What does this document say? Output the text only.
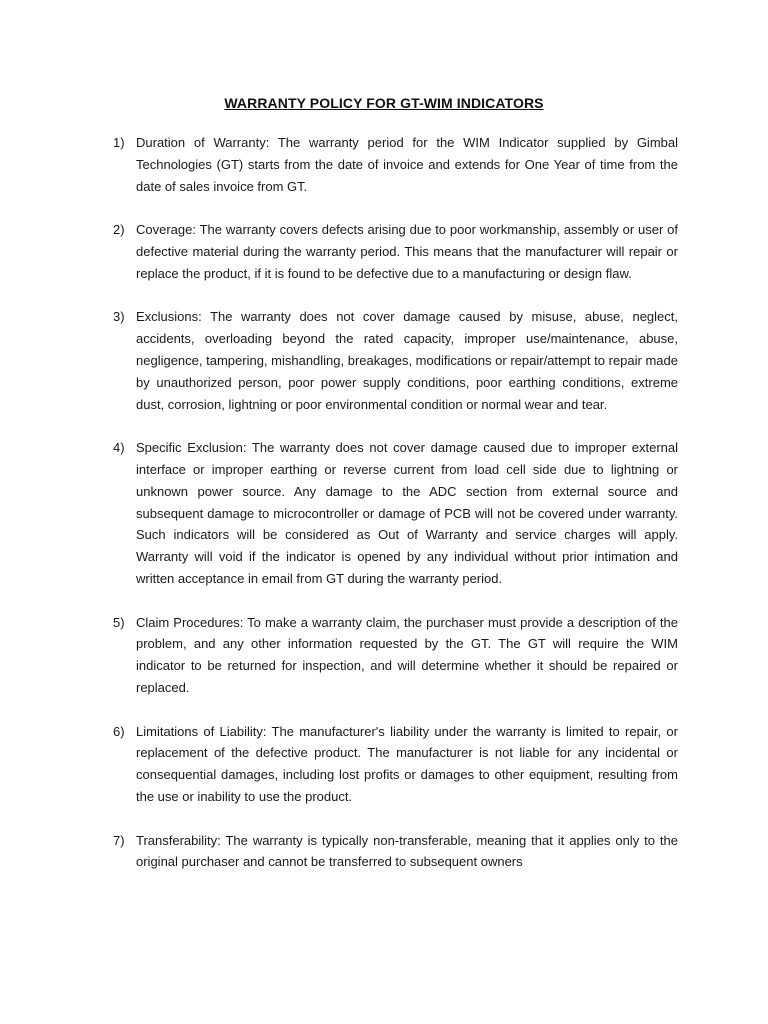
WARRANTY POLICY FOR GT-WIM INDICATORS
1) Duration of Warranty: The warranty period for the WIM Indicator supplied by Gimbal Technologies (GT) starts from the date of invoice and extends for One Year of time from the date of sales invoice from GT.
2) Coverage: The warranty covers defects arising due to poor workmanship, assembly or user of defective material during the warranty period. This means that the manufacturer will repair or replace the product, if it is found to be defective due to a manufacturing or design flaw.
3) Exclusions: The warranty does not cover damage caused by misuse, abuse, neglect, accidents, overloading beyond the rated capacity, improper use/maintenance, abuse, negligence, tampering, mishandling, breakages, modifications or repair/attempt to repair made by unauthorized person, poor power supply conditions, poor earthing conditions, extreme dust, corrosion, lightning or poor environmental condition or normal wear and tear.
4) Specific Exclusion: The warranty does not cover damage caused due to improper external interface or improper earthing or reverse current from load cell side due to lightning or unknown power source. Any damage to the ADC section from external source and subsequent damage to microcontroller or damage of PCB will not be covered under warranty. Such indicators will be considered as Out of Warranty and service charges will apply. Warranty will void if the indicator is opened by any individual without prior intimation and written acceptance in email from GT during the warranty period.
5) Claim Procedures: To make a warranty claim, the purchaser must provide a description of the problem, and any other information requested by the GT. The GT will require the WIM indicator to be returned for inspection, and will determine whether it should be repaired or replaced.
6) Limitations of Liability: The manufacturer's liability under the warranty is limited to repair, or replacement of the defective product. The manufacturer is not liable for any incidental or consequential damages, including lost profits or damages to other equipment, resulting from the use or inability to use the product.
7) Transferability: The warranty is typically non-transferable, meaning that it applies only to the original purchaser and cannot be transferred to subsequent owners
